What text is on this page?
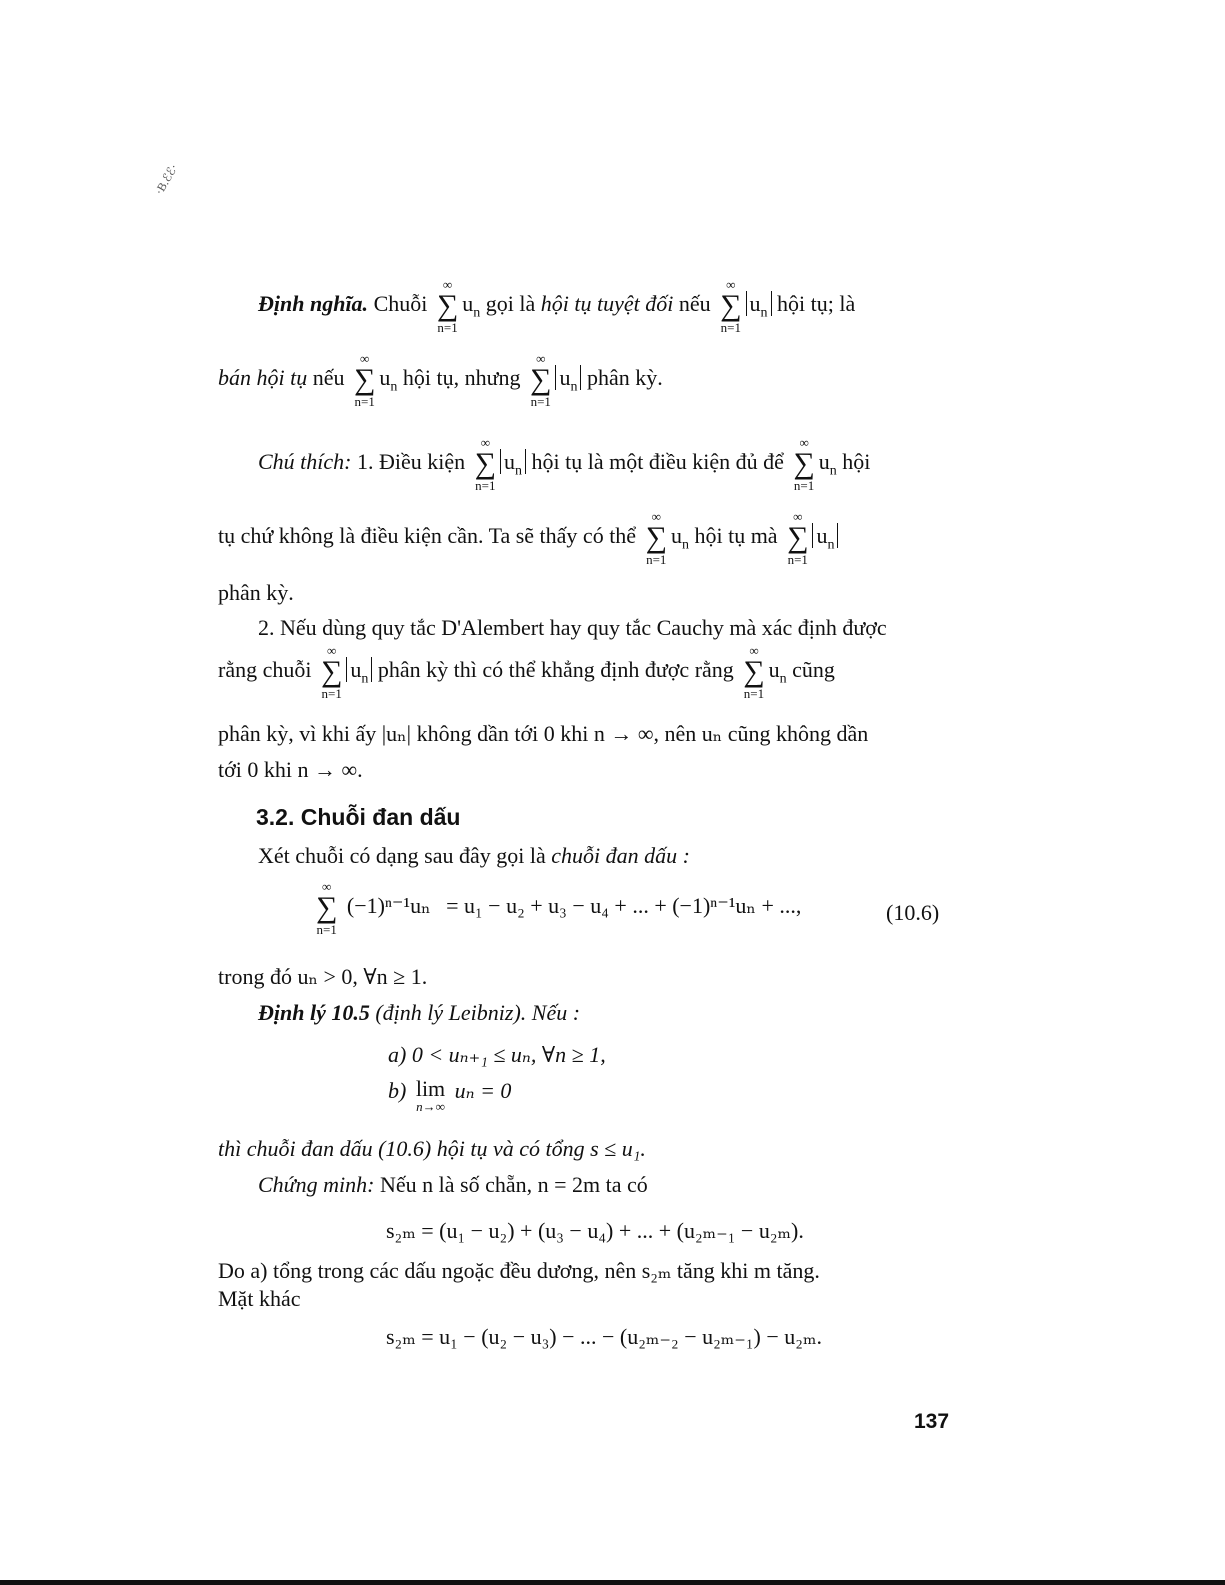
·B.ℰℰ·
Định nghĩa. Chuỗi
∞
∑
n=1
$u_n$ gọi là hội tụ tuyệt đối nếu
∞
∑
n=1
$u_n$ hội tụ; là
bán hội tụ nếu
∞
∑
n=1
$u_n$ hội tụ, nhưng
∞
∑
n=1
$u_n$ phân kỳ.
Chú thích: 1. Điều kiện
∞
∑
n=1
$u_n$ hội tụ là một điều kiện đủ để
∞
∑
n=1
$u_n$ hội
tụ chứ không là điều kiện cần. Ta sẽ thấy có thể
∞
∑
n=1
$u_n$ hội tụ mà
∞
∑
n=1
$u_n$
phân kỳ.
2. Nếu dùng quy tắc D'Alembert hay quy tắc Cauchy mà xác định được
rằng chuỗi
∞
∑
n=1
$u_n$ phân kỳ thì có thể khẳng định được rằng
∞
∑
n=1
$u_n$ cũng
phân kỳ, vì khi ấy |uₙ| không dần tới 0 khi n → ∞, nên uₙ cũng không dần
tới 0 khi n → ∞.
3.2. Chuỗi đan dấu
Xét chuỗi có dạng sau đây gọi là chuỗi đan dấu :
∞
∑
n=1
(−1)ⁿ⁻¹uₙ = u₁ − u₂ + u₃ − u₄ + ... + (−1)ⁿ⁻¹uₙ + ...,	(10.6)
trong đó uₙ > 0, ∀n ≥ 1.
Định lý 10.5 (định lý Leibniz). Nếu :
a) 0 < uₙ₊₁ ≤ uₙ, ∀n ≥ 1,
b) lim
n→∞
uₙ = 0
thì chuỗi đan dấu (10.6) hội tụ và có tổng s ≤ u₁.
Chứng minh: Nếu n là số chẵn, n = 2m ta có
s₂ₘ = (u₁ − u₂) + (u₃ − u₄) + ... + (u₂ₘ₋₁ − u₂ₘ).
Do a) tổng trong các dấu ngoặc đều dương, nên s₂ₘ tăng khi m tăng.
Mặt khác
s₂ₘ = u₁ − (u₂ − u₃) − ... − (u₂ₘ₋₂ − u₂ₘ₋₁) − u₂ₘ.
137
